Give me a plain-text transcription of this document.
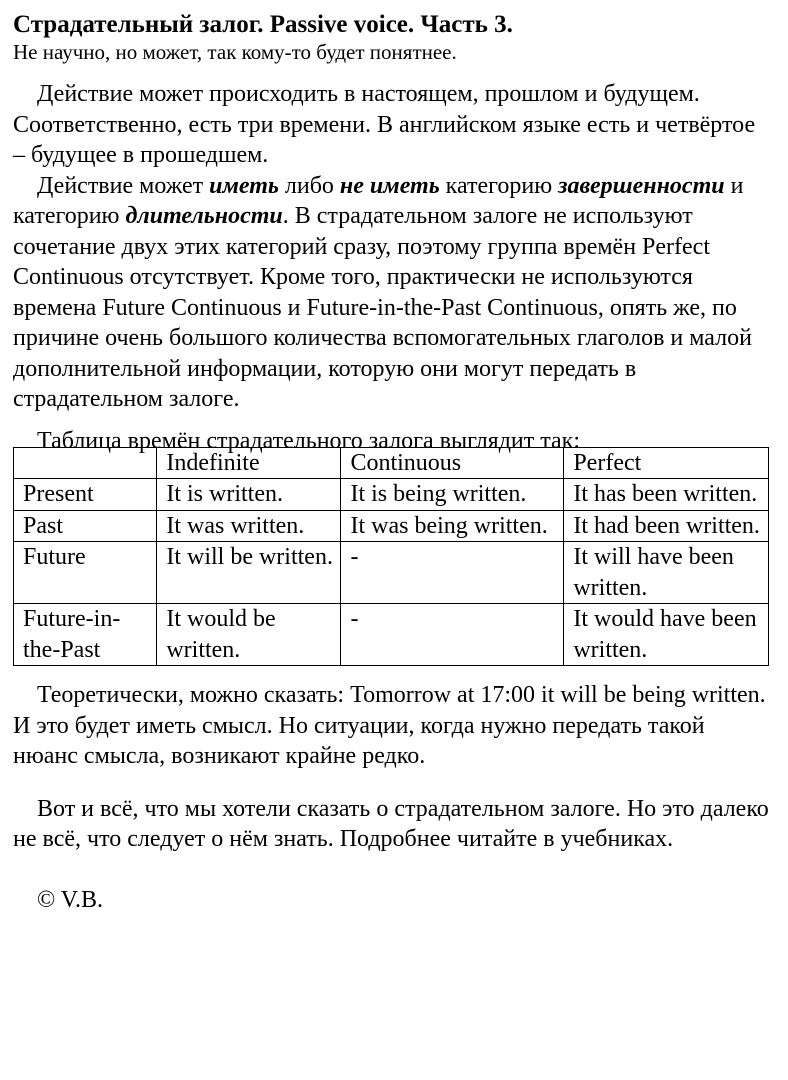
Страдательный залог. Passive voice. Часть 3.

Не научно, но может, так кому-то будет понятнее.

Действие может происходить в настоящем, прошлом и будущем. Соответственно, есть три времени. В английском языке есть и четвёртое – будущее в прошедшем.

Действие может иметь либо не иметь категорию завершенности и категорию длительности. В страдательном залоге не используют сочетание двух этих категорий сразу, поэтому группа времён Perfect Continuous отсутствует. Кроме того, практически не используются времена Future Continuous и Future-in-the-Past Continuous, опять же, по причине очень большого количества вспомогательных глаголов и малой дополнительной информации, которую они могут передать в страдательном залоге.

Таблица времён страдательного залога выглядит так:

	Indefinite	Continuous	Perfect
Present	It is written.	It is being written.	It has been written.
Past	It was written.	It was being written.	It had been written.
Future	It will be written.	-	It will have been written.
Future-in-the-Past	It would be written.	-	It would have been written.

Теоретически, можно сказать: Tomorrow at 17:00 it will be being written. И это будет иметь смысл. Но ситуации, когда нужно передать такой нюанс смысла, возникают крайне редко.

Вот и всё, что мы хотели сказать о страдательном залоге. Но это далеко не всё, что следует о нём знать. Подробнее читайте в учебниках.

© V.B.
